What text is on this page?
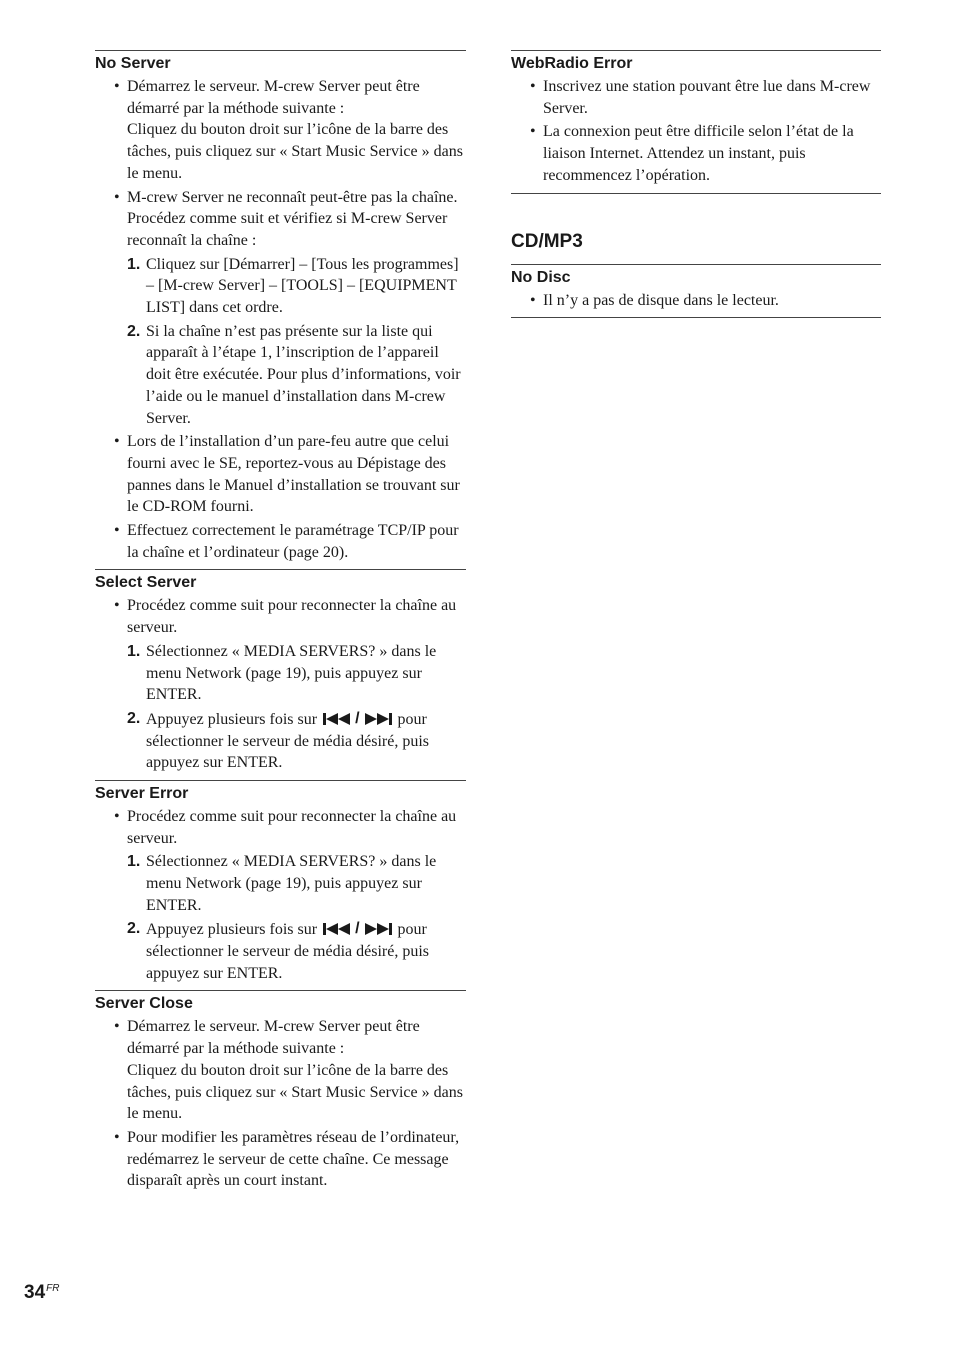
No Server

• Démarrez le serveur. M-crew Server peut être démarré par la méthode suivante :

Cliquez du bouton droit sur l’icône de la barre des tâches, puis cliquez sur « Start Music Service » dans le menu.

• M-crew Server ne reconnaît peut-être pas la chaîne. Procédez comme suit et vérifiez si M-crew Server reconnaît la chaîne :

1. Cliquez sur [Démarrer] – [Tous les programmes] – [M-crew Server] – [TOOLS] – [EQUIPMENT LIST] dans cet ordre.
2. Si la chaîne n’est pas présente sur la liste qui apparaît à l’étape 1, l’inscription de l’appareil doit être exécutée. Pour plus d’informations, voir l’aide ou le manuel d’installation dans M-crew Server.

• Lors de l’installation d’un pare-feu autre que celui fourni avec le SE, reportez-vous au Dépistage des pannes dans le Manuel d’installation se trouvant sur le CD-ROM fourni.

• Effectuez correctement le paramétrage TCP/IP pour la chaîne et l’ordinateur (page 20).

Select Server

• Procédez comme suit pour reconnecter la chaîne au serveur.

1. Sélectionnez « MEDIA SERVERS? » dans le menu Network (page 19), puis appuyez sur ENTER.
2. Appuyez plusieurs fois sur / pour sélectionner le serveur de média désiré, puis appuyez sur ENTER.
Server Error

• Procédez comme suit pour reconnecter la chaîne au serveur.

1. Sélectionnez « MEDIA SERVERS? » dans le menu Network (page 19), puis appuyez sur ENTER.
2. Appuyez plusieurs fois sur / pour sélectionner le serveur de média désiré, puis appuyez sur ENTER.
Server Close

• Démarrez le serveur. M-crew Server peut être démarré par la méthode suivante :

Cliquez du bouton droit sur l’icône de la barre des tâches, puis cliquez sur « Start Music Service » dans le menu.

• Pour modifier les paramètres réseau de l’ordinateur, redémarrez le serveur de cette chaîne. Ce message disparaît après un court instant.

WebRadio Error

• Inscrivez une station pouvant être lue dans M-crew Server.

• La connexion peut être difficile selon l’état de la liaison Internet. Attendez un instant, puis recommencez l’opération.

CD/MP3
No Disc

• Il n’y a pas de disque dans le lecteur.

$34^{FR}$
